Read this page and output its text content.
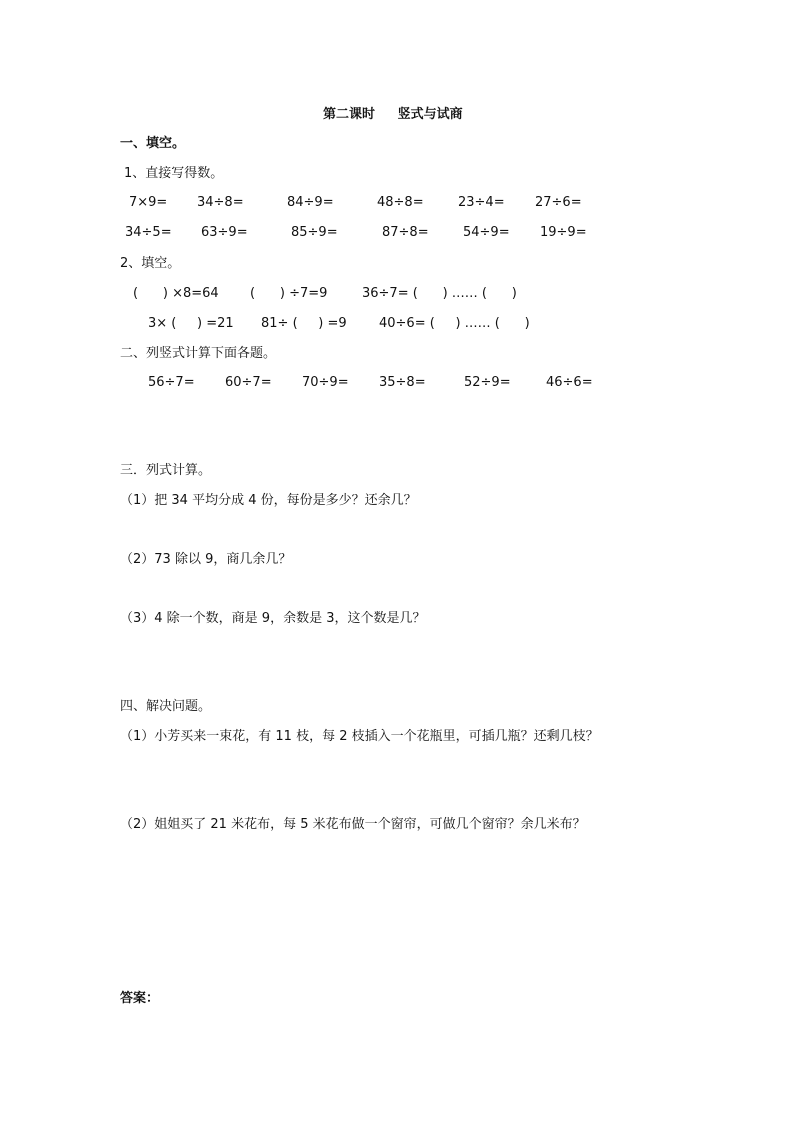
第二课时     竖式与试商
一、填空。
1、直接写得数。
7×9= 34÷8=	84÷9=	48÷8=	23÷4= 27÷6=
34÷5= 63÷9=	85÷9=	87÷8=	54÷9= 19÷9=
2、填空。
(      ) ×8=64 (      ) ÷7=9	36÷7= (      ) …… (      )
3× (     ) =21 81÷ (     ) =9 40÷6= (     ) …… (      )
二、列竖式计算下面各题。
56÷7= 60÷7= 70÷9= 35÷8=	52÷9=	46÷6=
三．列式计算。
（1）把 34 平均分成 4 份，每份是多少？还余几？
（2）73 除以 9，商几余几？
（3）4 除一个数，商是 9，余数是 3，这个数是几？
四、解决问题。
（1）小芳买来一束花，有 11 枝，每 2 枝插入一个花瓶里，可插几瓶？还剩几枝？
（2）姐姐买了 21 米花布，每 5 米花布做一个窗帘，可做几个窗帘？余几米布？
答案：
